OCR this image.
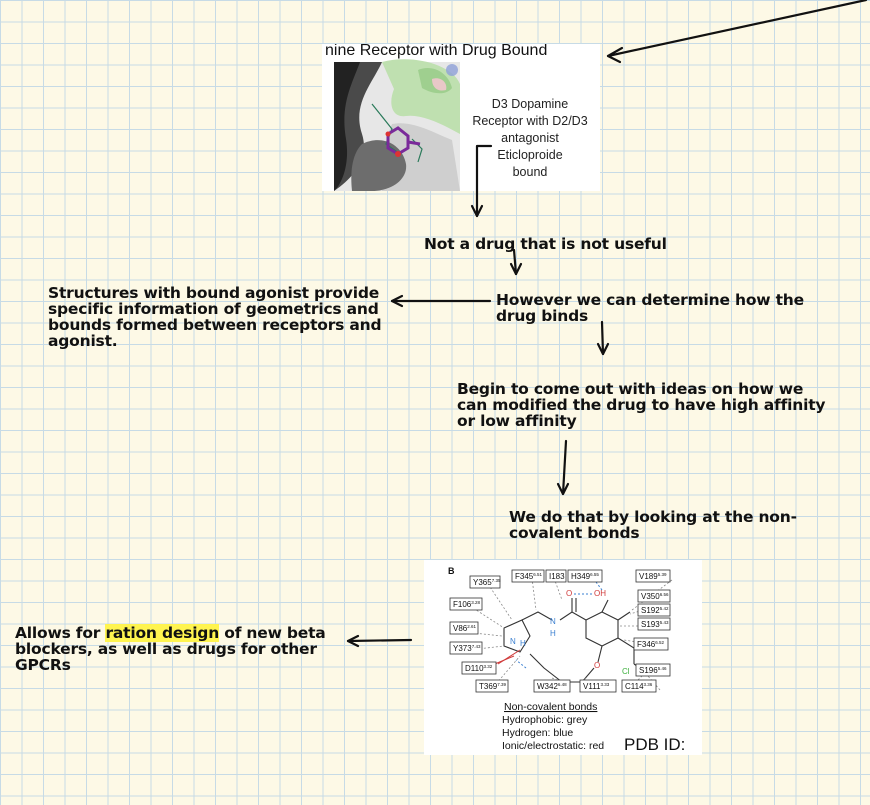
nine Receptor with Drug Bound
D3 Dopamine
Receptor with D2/D3
antagonist
Eticloproide
bound
Not a drug that is not useful
However we can determine how the drug binds
Structures with bound agonist provide specific information of geometrics and bounds formed between receptors and agonist.
Begin to come out with ideas on how we can modified the drug to have high affinity or low affinity
We do that by looking at the non-covalent bonds
Allows for ration design of new beta blockers, as well as drugs for other GPCRs
B
O	OH
N
H
N H
O
Cl
$Y365^{7.35}$ $F345^{6.51}$ I183 $H349^{6.55}$	$V189^{5.39}$
$F106^{3.28}$
$V350^{6.56}$
$S192^{5.42}$
$S193^{5.43}$
$V86^{2.61}$
$Y373^{7.43}$	$F346^{6.52}$
$D110^{3.32}$	$S196^{5.46}$
$T369^{7.39}$	$W342^{6.48}$ $V111^{3.33}$ $C114^{3.36}$
Non-covalent bonds
Hydrophobic: grey
Hydrogen: blue
Ionic/electrostatic: red PDB ID:
